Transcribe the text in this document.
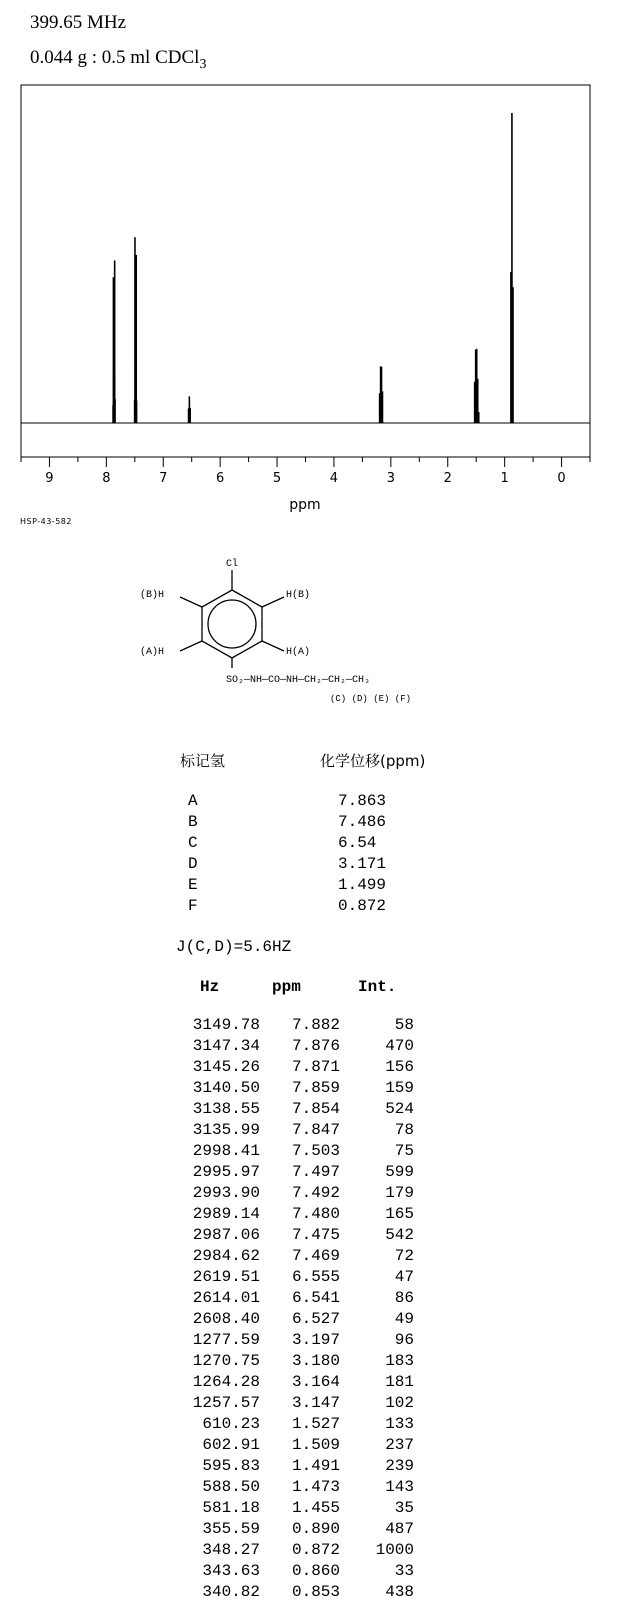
399.65 MHz
0.044 g : 0.5 ml CDCl$_3$
9	8	7	6	5	4	3	2	1	0
ppm
HSP-43-582
Cl
(B)H	H(B)
(A)H	H(A)
SO₂—NH—CO—NH—CH₂—CH₂—CH₃
(C) (D) (E) (F)
标记氢	化学位移(ppm)
A	7.863
B	7.486
C	6.54
D	3.171
E	1.499
F	0.872
J(C,D)=5.6HZ
Hz	ppm	Int.
3149.78	7.882	58
3147.34	7.876	470
3145.26	7.871	156
3140.50	7.859	159
3138.55	7.854	524
3135.99	7.847	78
2998.41	7.503	75
2995.97	7.497	599
2993.90	7.492	179
2989.14	7.480	165
2987.06	7.475	542
2984.62	7.469	72
2619.51	6.555	47
2614.01	6.541	86
2608.40	6.527	49
1277.59	3.197	96
1270.75	3.180	183
1264.28	3.164	181
1257.57	3.147	102
610.23	1.527	133
602.91	1.509	237
595.83	1.491	239
588.50	1.473	143
581.18	1.455	35
355.59	0.890	487
348.27	0.872	1000
343.63	0.860	33
340.82	0.853	438
